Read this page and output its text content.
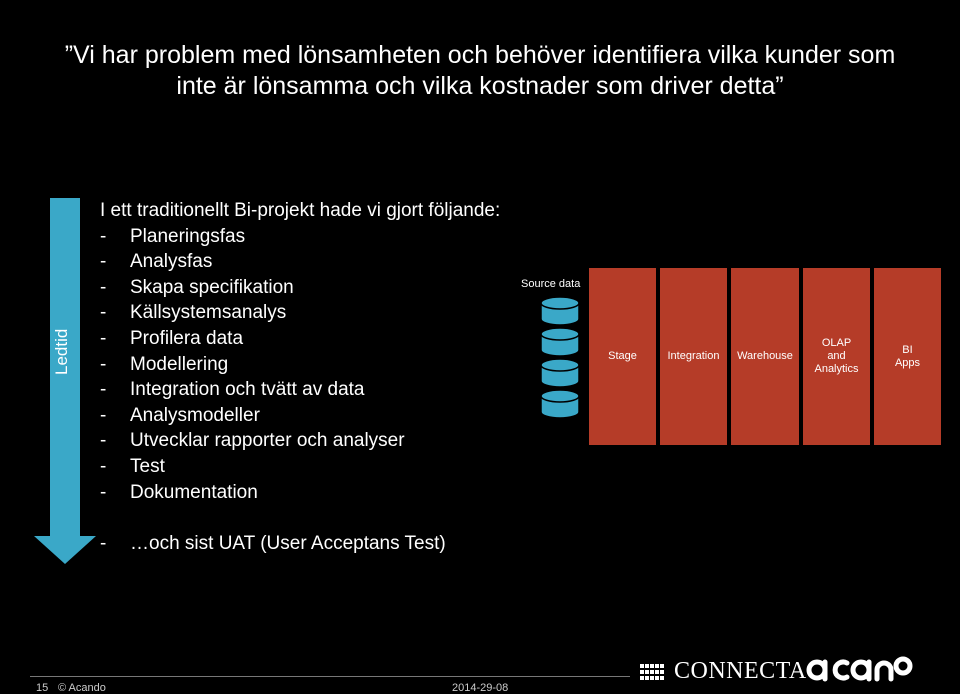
”Vi har problem med lönsamheten och behöver identifiera vilka kunder som
inte är lönsamma och vilka kostnader som driver detta”
Ledtid
I ett traditionellt Bi-projekt hade vi gjort följande:
- Planeringsfas
- Analysfas
- Skapa specifikation
- Källsystemsanalys
- Profilera data
- Modellering
- Integration och tvätt av data
- Analysmodeller
- Utvecklar rapporter och analyser
- Test
- Dokumentation
- …och sist UAT (User Acceptans Test)
Source data
Stage	Integration Warehouse
OLAP
and
Analytics
BI
Apps
15 © Acando	2014-29-08
CONNECTA
